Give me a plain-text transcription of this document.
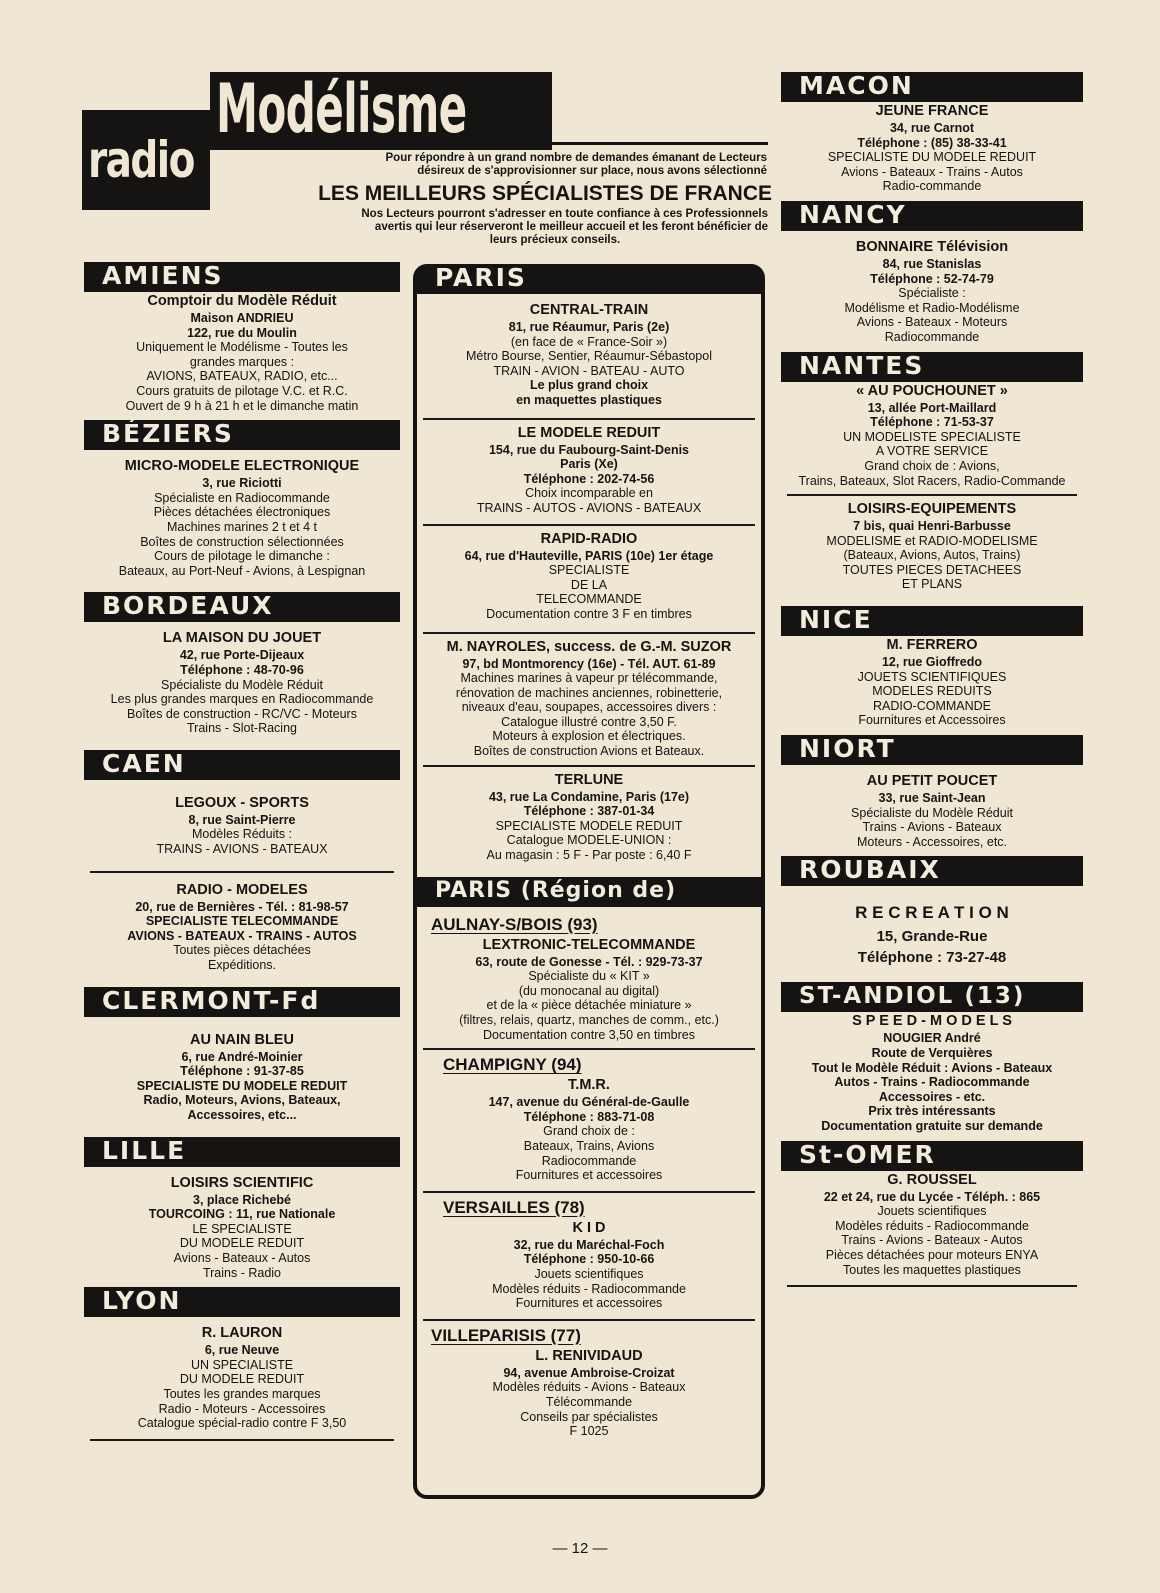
radio
Modélisme
Pour répondre à un grand nombre de demandes émanant de Lecteurs
désireux de s'approvisionner sur place, nous avons sélectionné
LES MEILLEURS SPÉCIALISTES DE FRANCE
Nos Lecteurs pourront s'adresser en toute confiance à ces Professionnels
avertis qui leur réserveront le meilleur accueil et les feront bénéficier de
leurs précieux conseils.
AMIENS
Comptoir du Modèle Réduit
Maison ANDRIEU
122, rue du Moulin
Uniquement le Modélisme - Toutes les
grandes marques :
AVIONS, BATEAUX, RADIO, etc...
Cours gratuits de pilotage V.C. et R.C.
Ouvert de 9 h à 21 h et le dimanche matin
BÉZIERS
MICRO-MODELE ELECTRONIQUE
3, rue Riciotti
Spécialiste en Radiocommande
Pièces détachées électroniques
Machines marines 2 t et 4 t
Boîtes de construction sélectionnées
Cours de pilotage le dimanche :
Bateaux, au Port-Neuf - Avions, à Lespignan
BORDEAUX
LA MAISON DU JOUET
42, rue Porte-Dijeaux
Téléphone : 48-70-96
Spécialiste du Modèle Réduit
Les plus grandes marques en Radiocommande
Boîtes de construction - RC/VC - Moteurs
Trains - Slot-Racing
CAEN
LEGOUX - SPORTS
8, rue Saint-Pierre
Modèles Réduits :
TRAINS - AVIONS - BATEAUX
RADIO - MODELES
20, rue de Bernières - Tél. : 81-98-57
SPECIALISTE TELECOMMANDE
AVIONS - BATEAUX - TRAINS - AUTOS
Toutes pièces détachées
Expéditions.
CLERMONT-Fd
AU NAIN BLEU
6, rue André-Moinier
Téléphone : 91-37-85
SPECIALISTE DU MODELE REDUIT
Radio, Moteurs, Avions, Bateaux,
Accessoires, etc...
LILLE
LOISIRS SCIENTIFIC
3, place Richebé
TOURCOING : 11, rue Nationale
LE SPECIALISTE
DU MODELE REDUIT
Avions - Bateaux - Autos
Trains - Radio
LYON
R. LAURON
6, rue Neuve
UN SPECIALISTE
DU MODELE REDUIT
Toutes les grandes marques
Radio - Moteurs - Accessoires
Catalogue spécial-radio contre F 3,50
PARIS
CENTRAL-TRAIN
81, rue Réaumur, Paris (2e)
(en face de « France-Soir »)
Métro Bourse, Sentier, Réaumur-Sébastopol
TRAIN - AVION - BATEAU - AUTO
Le plus grand choix
en maquettes plastiques
LE MODELE REDUIT
154, rue du Faubourg-Saint-Denis
Paris (Xe)
Téléphone : 202-74-56
Choix incomparable en
TRAINS - AUTOS - AVIONS - BATEAUX
RAPID-RADIO
64, rue d'Hauteville, PARIS (10e) 1er étage
SPECIALISTE
DE LA
TELECOMMANDE
Documentation contre 3 F en timbres
M. NAYROLES, success. de G.-M. SUZOR
97, bd Montmorency (16e) - Tél. AUT. 61-89
Machines marines à vapeur pr télécommande,
rénovation de machines anciennes, robinetterie,
niveaux d'eau, soupapes, accessoires divers :
Catalogue illustré contre 3,50 F.
Moteurs à explosion et électriques.
Boîtes de construction Avions et Bateaux.
TERLUNE
43, rue La Condamine, Paris (17e)
Téléphone : 387-01-34
SPECIALISTE MODELE REDUIT
Catalogue MODELE-UNION :
Au magasin : 5 F - Par poste : 6,40 F
PARIS (Région de)
AULNAY-S/BOIS (93)
LEXTRONIC-TELECOMMANDE
63, route de Gonesse - Tél. : 929-73-37
Spécialiste du « KIT »
(du monocanal au digital)
et de la « pièce détachée miniature »
(filtres, relais, quartz, manches de comm., etc.)
Documentation contre 3,50 en timbres
CHAMPIGNY (94)
T.M.R.
147, avenue du Général-de-Gaulle
Téléphone : 883-71-08
Grand choix de :
Bateaux, Trains, Avions
Radiocommande
Fournitures et accessoires
VERSAILLES (78)
K I D
32, rue du Maréchal-Foch
Téléphone : 950-10-66
Jouets scientifiques
Modèles réduits - Radiocommande
Fournitures et accessoires
VILLEPARISIS (77)
L. RENIVIDAUD
94, avenue Ambroise-Croizat
Modèles réduits - Avions - Bateaux
Télécommande
Conseils par spécialistes
F 1025
MACON
JEUNE FRANCE
34, rue Carnot
Téléphone : (85) 38-33-41
SPECIALISTE DU MODELE REDUIT
Avions - Bateaux - Trains - Autos
Radio-commande
NANCY
BONNAIRE Télévision
84, rue Stanislas
Téléphone : 52-74-79
Spécialiste :
Modélisme et Radio-Modélisme
Avions - Bateaux - Moteurs
Radiocommande
NANTES
« AU POUCHOUNET »
13, allée Port-Maillard
Téléphone : 71-53-37
UN MODELISTE SPECIALISTE
A VOTRE SERVICE
Grand choix de : Avions,
Trains, Bateaux, Slot Racers, Radio-Commande
LOISIRS-EQUIPEMENTS
7 bis, quai Henri-Barbusse
MODELISME et RADIO-MODELISME
(Bateaux, Avions, Autos, Trains)
TOUTES PIECES DETACHEES
ET PLANS
NICE
M. FERRERO
12, rue Gioffredo
JOUETS SCIENTIFIQUES
MODELES REDUITS
RADIO-COMMANDE
Fournitures et Accessoires
NIORT
AU PETIT POUCET
33, rue Saint-Jean
Spécialiste du Modèle Réduit
Trains - Avions - Bateaux
Moteurs - Accessoires, etc.
ROUBAIX
R E C R E A T I O N
15, Grande-Rue
Téléphone : 73-27-48
ST-ANDIOL (13)
S P E E D - M O D E L S
NOUGIER André
Route de Verquières
Tout le Modèle Réduit : Avions - Bateaux
Autos - Trains - Radiocommande
Accessoires - etc.
Prix très intéressants
Documentation gratuite sur demande
St-OMER
G. ROUSSEL
22 et 24, rue du Lycée - Téléph. : 865
Jouets scientifiques
Modèles réduits - Radiocommande
Trains - Avions - Bateaux - Autos
Pièces détachées pour moteurs ENYA
Toutes les maquettes plastiques
— 12 —
